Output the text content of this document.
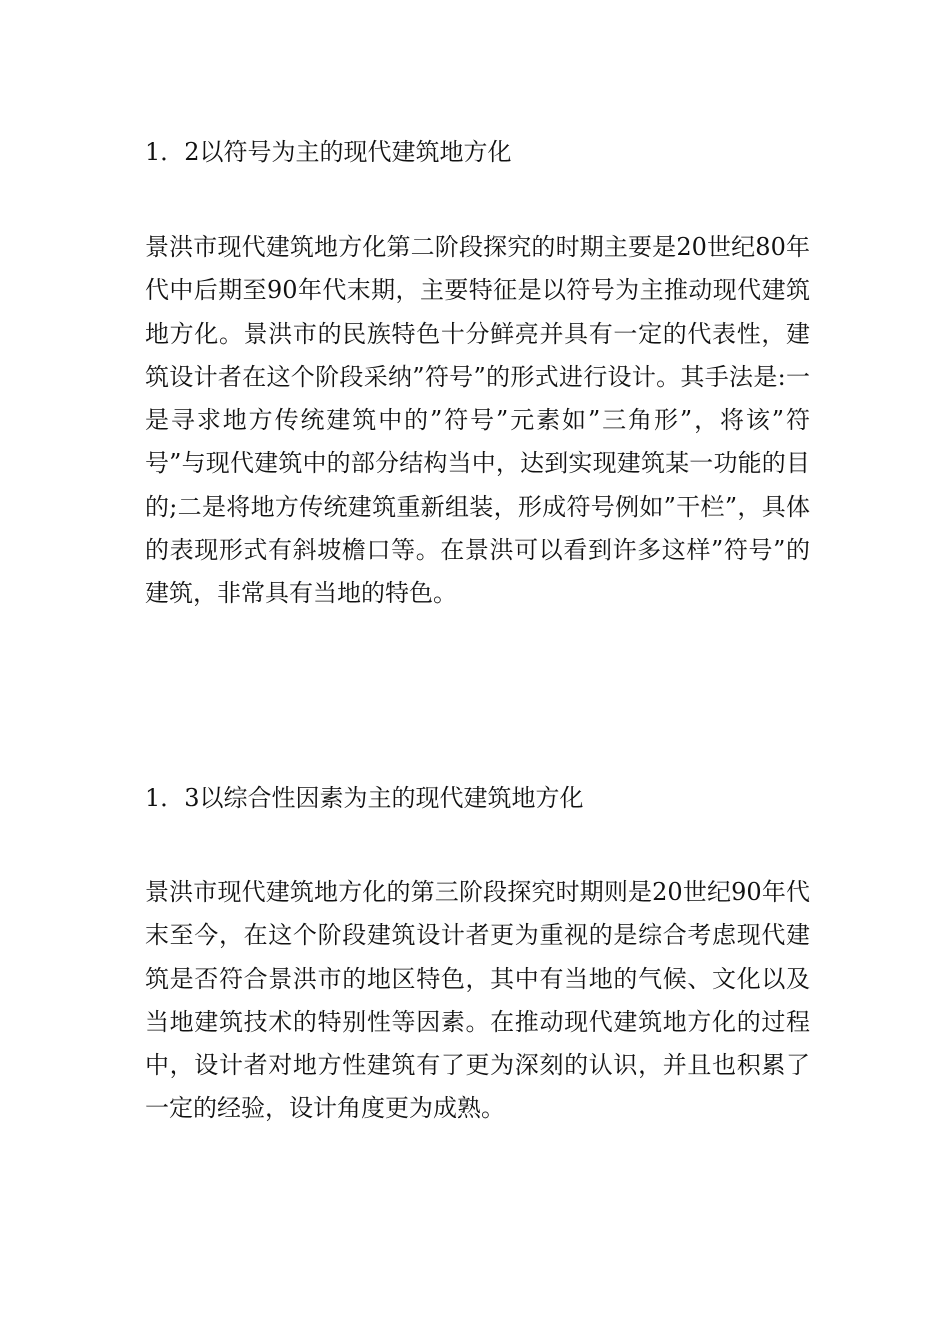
1．2以符号为主的现代建筑地方化

景洪市现代建筑地方化第二阶段探究的时期主要是20世纪80年代中后期至90年代末期，主要特征是以符号为主推动现代建筑地方化。景洪市的民族特色十分鲜亮并具有一定的代表性，建筑设计者在这个阶段采纳”符号”的形式进行设计。其手法是:一是寻求地方传统建筑中的”符号”元素如”三角形”，将该”符号”与现代建筑中的部分结构当中，达到实现建筑某一功能的目的;二是将地方传统建筑重新组装，形成符号例如”干栏”，具体的表现形式有斜坡檐口等。在景洪可以看到许多这样”符号”的建筑，非常具有当地的特色。

1．3以综合性因素为主的现代建筑地方化

景洪市现代建筑地方化的第三阶段探究时期则是20世纪90年代末至今，在这个阶段建筑设计者更为重视的是综合考虑现代建筑是否符合景洪市的地区特色，其中有当地的气候、文化以及当地建筑技术的特别性等因素。在推动现代建筑地方化的过程中，设计者对地方性建筑有了更为深刻的认识，并且也积累了一定的经验，设计角度更为成熟。
